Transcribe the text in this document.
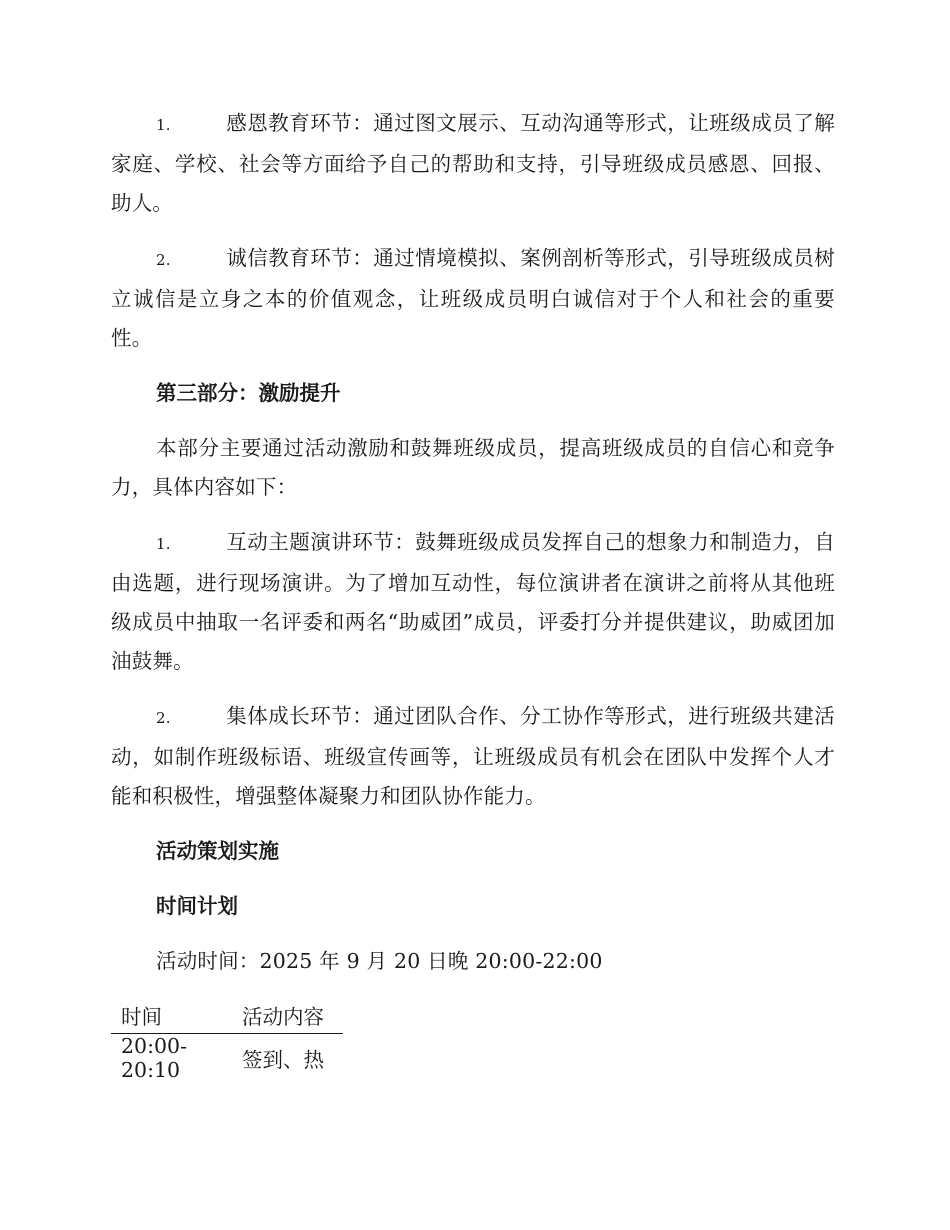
1.	感恩教育环节：通过图文展示、互动沟通等形式，让班级成员了解家庭、学校、社会等方面给予自己的帮助和支持，引导班级成员感恩、回报、助人。

2.	诚信教育环节：通过情境模拟、案例剖析等形式，引导班级成员树立诚信是立身之本的价值观念，让班级成员明白诚信对于个人和社会的重要性。

第三部分：激励提升

本部分主要通过活动激励和鼓舞班级成员，提高班级成员的自信心和竞争力，具体内容如下：

1.	互动主题演讲环节：鼓舞班级成员发挥自己的想象力和制造力，自由选题，进行现场演讲。为了增加互动性，每位演讲者在演讲之前将从其他班级成员中抽取一名评委和两名“助威团”成员，评委打分并提供建议，助威团加油鼓舞。

2.	集体成长环节：通过团队合作、分工协作等形式，进行班级共建活动，如制作班级标语、班级宣传画等，让班级成员有机会在团队中发挥个人才能和积极性，增强整体凝聚力和团队协作能力。

活动策划实施

时间计划

活动时间：2025 年 9 月 20 日晚 20:00-22:00

时间	活动内容
20:00-20:10	签到、热
